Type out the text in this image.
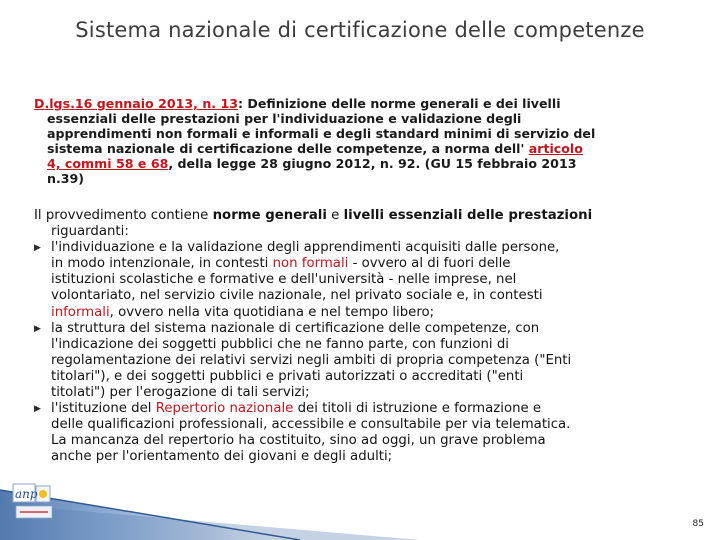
Sistema nazionale di certificazione delle competenze
D.lgs.16 gennaio 2013, n. 13: Definizione delle norme generali e dei livelli
essenziali delle prestazioni per l'individuazione e validazione degli
apprendimenti non formali e informali e degli standard minimi di servizio del
sistema nazionale di certificazione delle competenze, a norma dell' articolo
4, commi 58 e 68, della legge 28 giugno 2012, n. 92. (GU 15 febbraio 2013
n.39)
Il provvedimento contiene norme generali e livelli essenziali delle prestazioni
riguardanti:
▶ l'individuazione e la validazione degli apprendimenti acquisiti dalle persone,
in modo intenzionale, in contesti non formali - ovvero al di fuori delle
istituzioni scolastiche e formative e dell'università - nelle imprese, nel
volontariato, nel servizio civile nazionale, nel privato sociale e, in contesti
informali, ovvero nella vita quotidiana e nel tempo libero;
▶ la struttura del sistema nazionale di certificazione delle competenze, con
l'indicazione dei soggetti pubblici che ne fanno parte, con funzioni di
regolamentazione dei relativi servizi negli ambiti di propria competenza ("Enti
titolari"), e dei soggetti pubblici e privati autorizzati o accreditati ("enti
titolati") per l'erogazione di tali servizi;
▶ l'istituzione del Repertorio nazionale dei titoli di istruzione e formazione e
delle qualificazioni professionali, accessibile e consultabile per via telematica.
La mancanza del repertorio ha costituito, sino ad oggi, un grave problema
anche per l'orientamento dei giovani e degli adulti;
anp
85
